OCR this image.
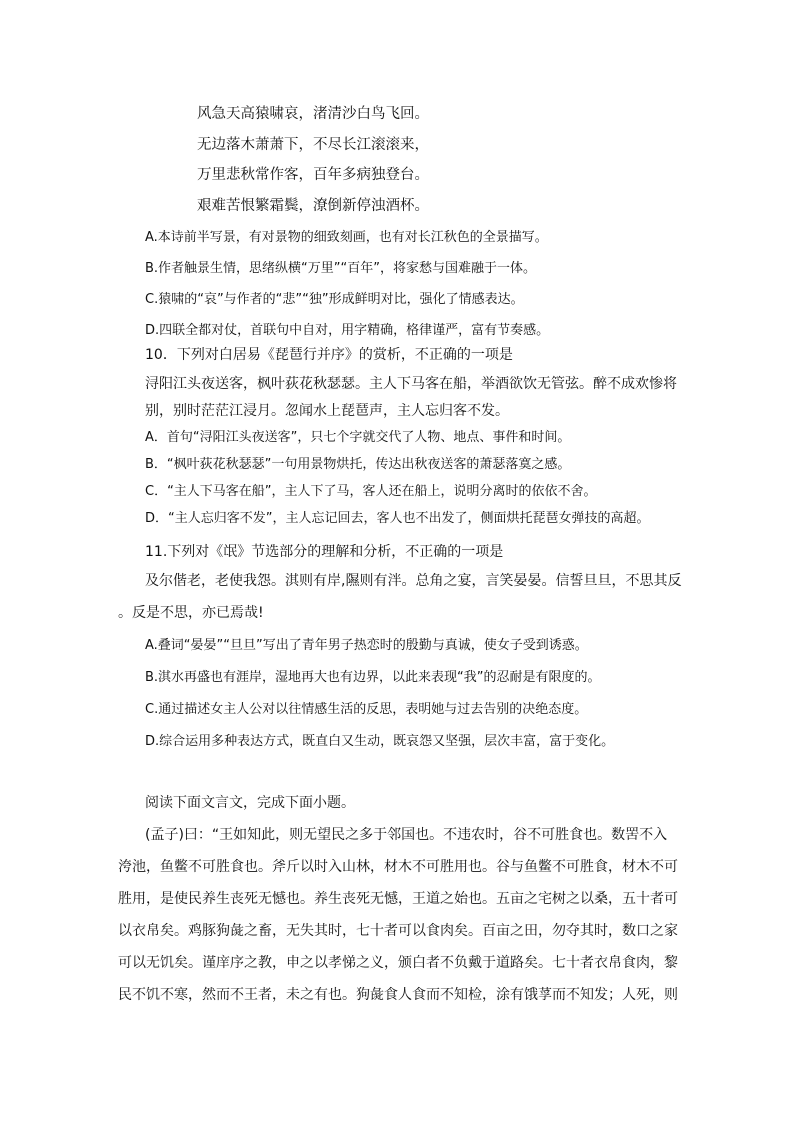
风急天高猿啸哀，渚清沙白鸟飞回。
无边落木萧萧下，不尽长江滚滚来，
万里悲秋常作客，百年多病独登台。
艰难苦恨繁霜鬓，潦倒新停浊酒杯。
A.本诗前半写景，有对景物的细致刻画，也有对长江秋色的全景描写。
B.作者触景生情，思绪纵横“万里”“百年”，将家愁与国难融于一体。
C.猿啸的“哀”与作者的“悲”“独”形成鲜明对比，强化了情感表达。
D.四联全都对仗，首联句中自对，用字精确，格律谨严，富有节奏感。
10．下列对白居易《琵琶行并序》的赏析，不正确的一项是
浔阳江头夜送客，枫叶荻花秋瑟瑟。主人下马客在船，举酒欲饮无管弦。醉不成欢惨将
别，别时茫茫江浸月。忽闻水上琵琶声，主人忘归客不发。
A．首句“浔阳江头夜送客”，只七个字就交代了人物、地点、事件和时间。
B．“枫叶荻花秋瑟瑟”一句用景物烘托，传达出秋夜送客的萧瑟落寞之感。
C．“主人下马客在船”，主人下了马，客人还在船上，说明分离时的依依不舍。
D．“主人忘归客不发”，主人忘记回去，客人也不出发了，侧面烘托琵琶女弹技的高超。
11.下列对《氓》节选部分的理解和分析，不正确的一项是
及尔偕老，老使我怨。淇则有岸,隰则有泮。总角之宴，言笑晏晏。信誓旦旦，不思其反
。反是不思，亦已焉哉!
A.叠词“晏晏”“旦旦”写出了青年男子热恋时的殷勤与真诚，使女子受到诱惑。
B.淇水再盛也有涯岸，湿地再大也有边界，以此来表现“我”的忍耐是有限度的。
C.通过描述女主人公对以往情感生活的反思，表明她与过去告别的决绝态度。
D.综合运用多种表达方式，既直白又生动，既哀怨又坚强，层次丰富，富于变化。
阅读下面文言文，完成下面小题。
(孟子)曰：“王如知此，则无望民之多于邻国也。不违农时，谷不可胜食也。数罟不入
洿池，鱼鳖不可胜食也。斧斤以时入山林，材木不可胜用也。谷与鱼鳖不可胜食，材木不可
胜用，是使民养生丧死无憾也。养生丧死无憾，王道之始也。五亩之宅树之以桑，五十者可
以衣帛矣。鸡豚狗彘之畜，无失其时，七十者可以食肉矣。百亩之田，勿夺其时，数口之家
可以无饥矣。谨庠序之教，申之以孝悌之义，颁白者不负戴于道路矣。七十者衣帛食肉，黎
民不饥不寒，然而不王者，未之有也。狗彘食人食而不知检，涂有饿莩而不知发；人死，则
